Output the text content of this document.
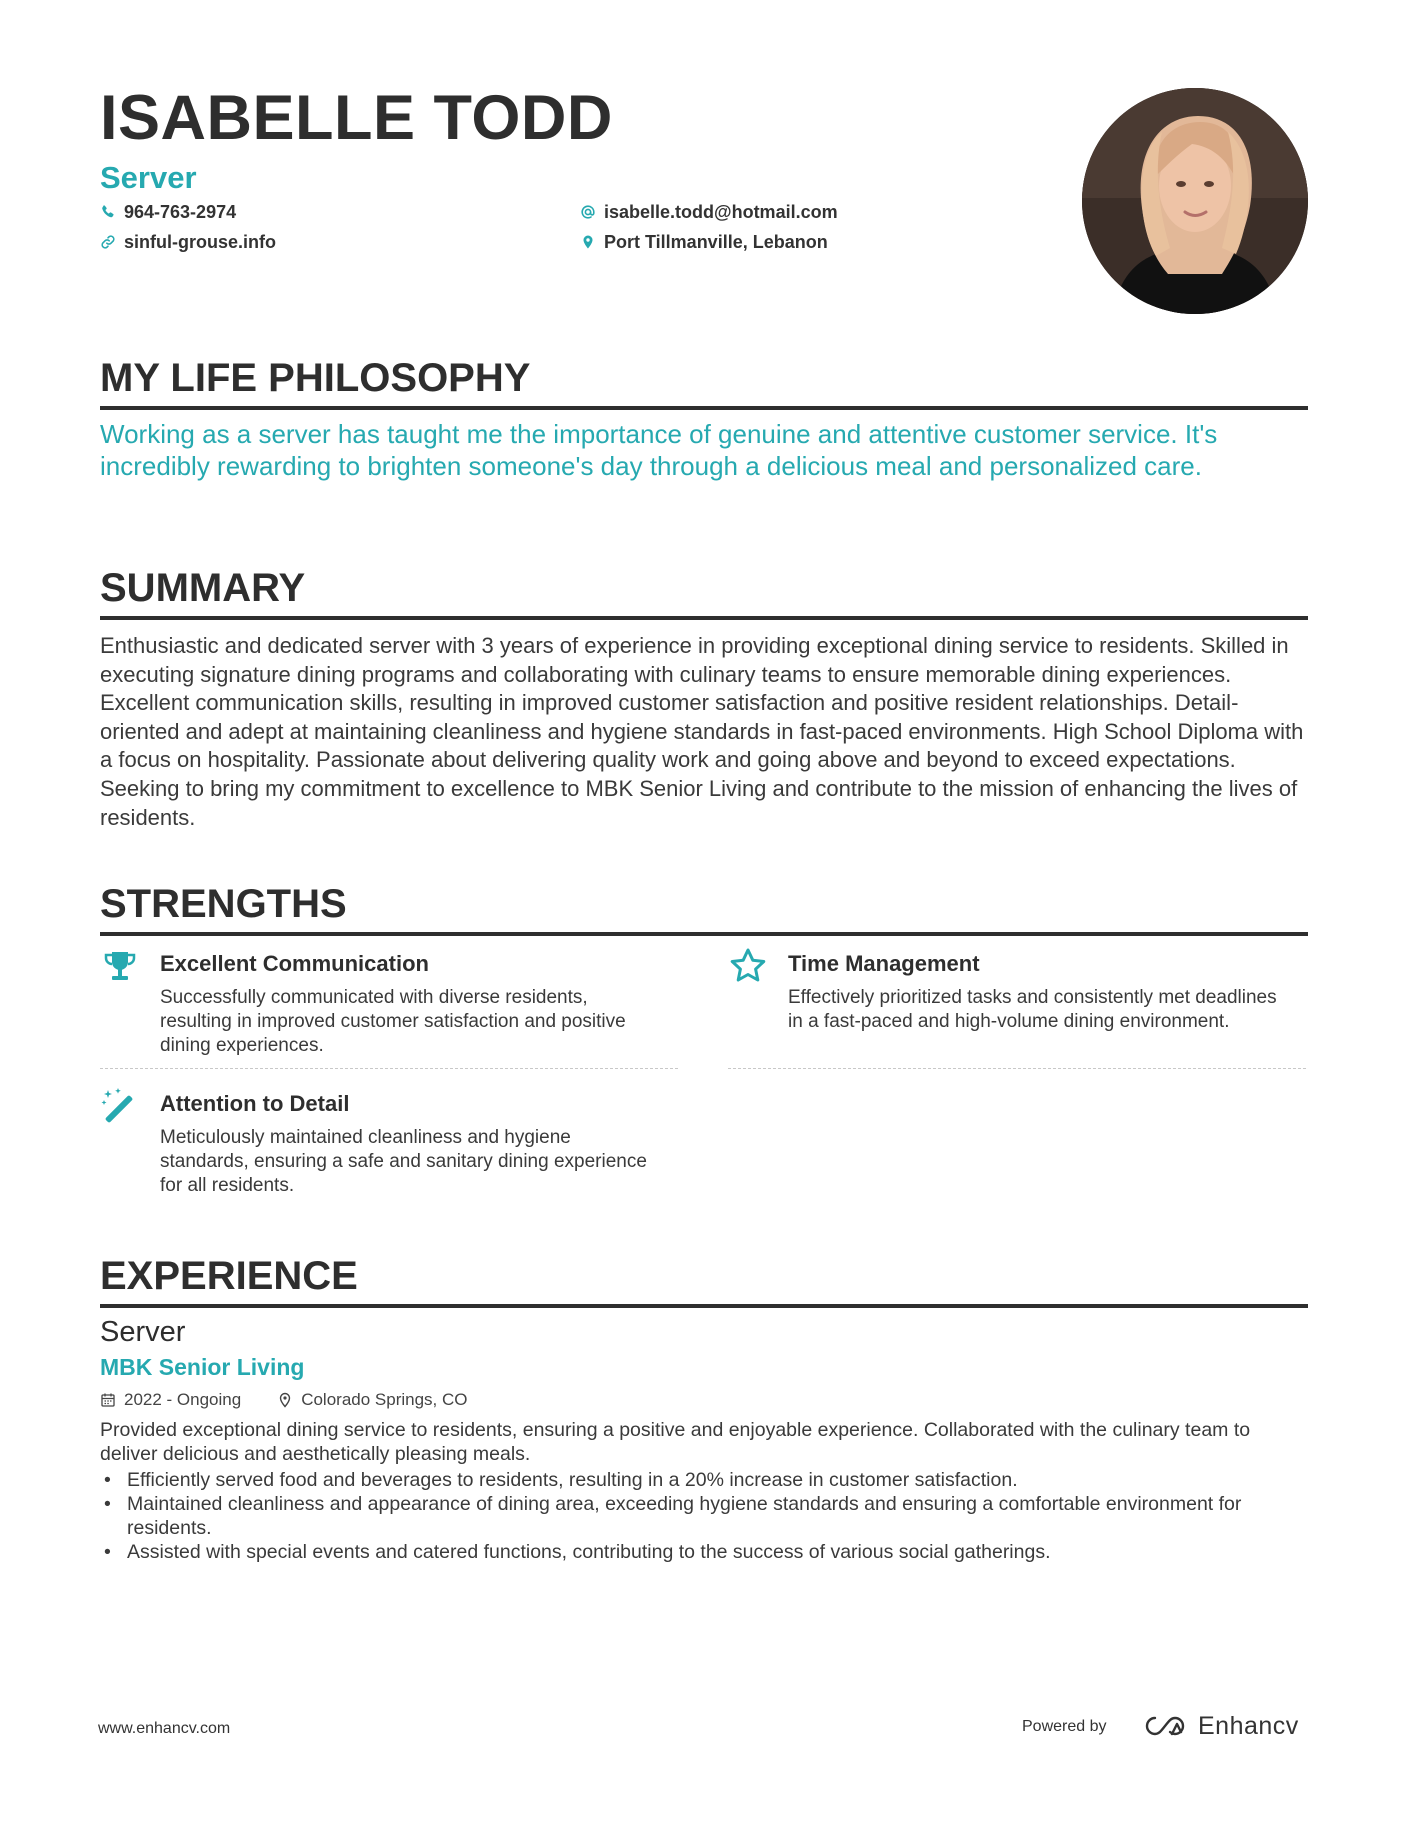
ISABELLE TODD
Server
964-763-2974	isabelle.todd@hotmail.com
sinful-grouse.info	Port Tillmanville, Lebanon
MY LIFE PHILOSOPHY
Working as a server has taught me the importance of genuine and attentive customer service. It's incredibly rewarding to brighten someone's day through a delicious meal and personalized care.
SUMMARY
Enthusiastic and dedicated server with 3 years of experience in providing exceptional dining service to residents. Skilled in executing signature dining programs and collaborating with culinary teams to ensure memorable dining experiences. Excellent communication skills, resulting in improved customer satisfaction and positive resident relationships. Detail-oriented and adept at maintaining cleanliness and hygiene standards in fast-paced environments. High School Diploma with a focus on hospitality. Passionate about delivering quality work and going above and beyond to exceed expectations. Seeking to bring my commitment to excellence to MBK Senior Living and contribute to the mission of enhancing the lives of residents.
STRENGTHS
Excellent Communication
Successfully communicated with diverse residents, resulting in improved customer satisfaction and positive dining experiences.
Time Management
Effectively prioritized tasks and consistently met deadlines in a fast-paced and high-volume dining environment.
Attention to Detail
Meticulously maintained cleanliness and hygiene standards, ensuring a safe and sanitary dining experience for all residents.
EXPERIENCE
Server
MBK Senior Living
2022 - Ongoing	Colorado Springs, CO
Provided exceptional dining service to residents, ensuring a positive and enjoyable experience. Collaborated with the culinary team to deliver delicious and aesthetically pleasing meals.
• Efficiently served food and beverages to residents, resulting in a 20% increase in customer satisfaction.
• Maintained cleanliness and appearance of dining area, exceeding hygiene standards and ensuring a comfortable environment for residents.
• Assisted with special events and catered functions, contributing to the success of various social gatherings.
www.enhancv.com	Powered by	Enhancv
